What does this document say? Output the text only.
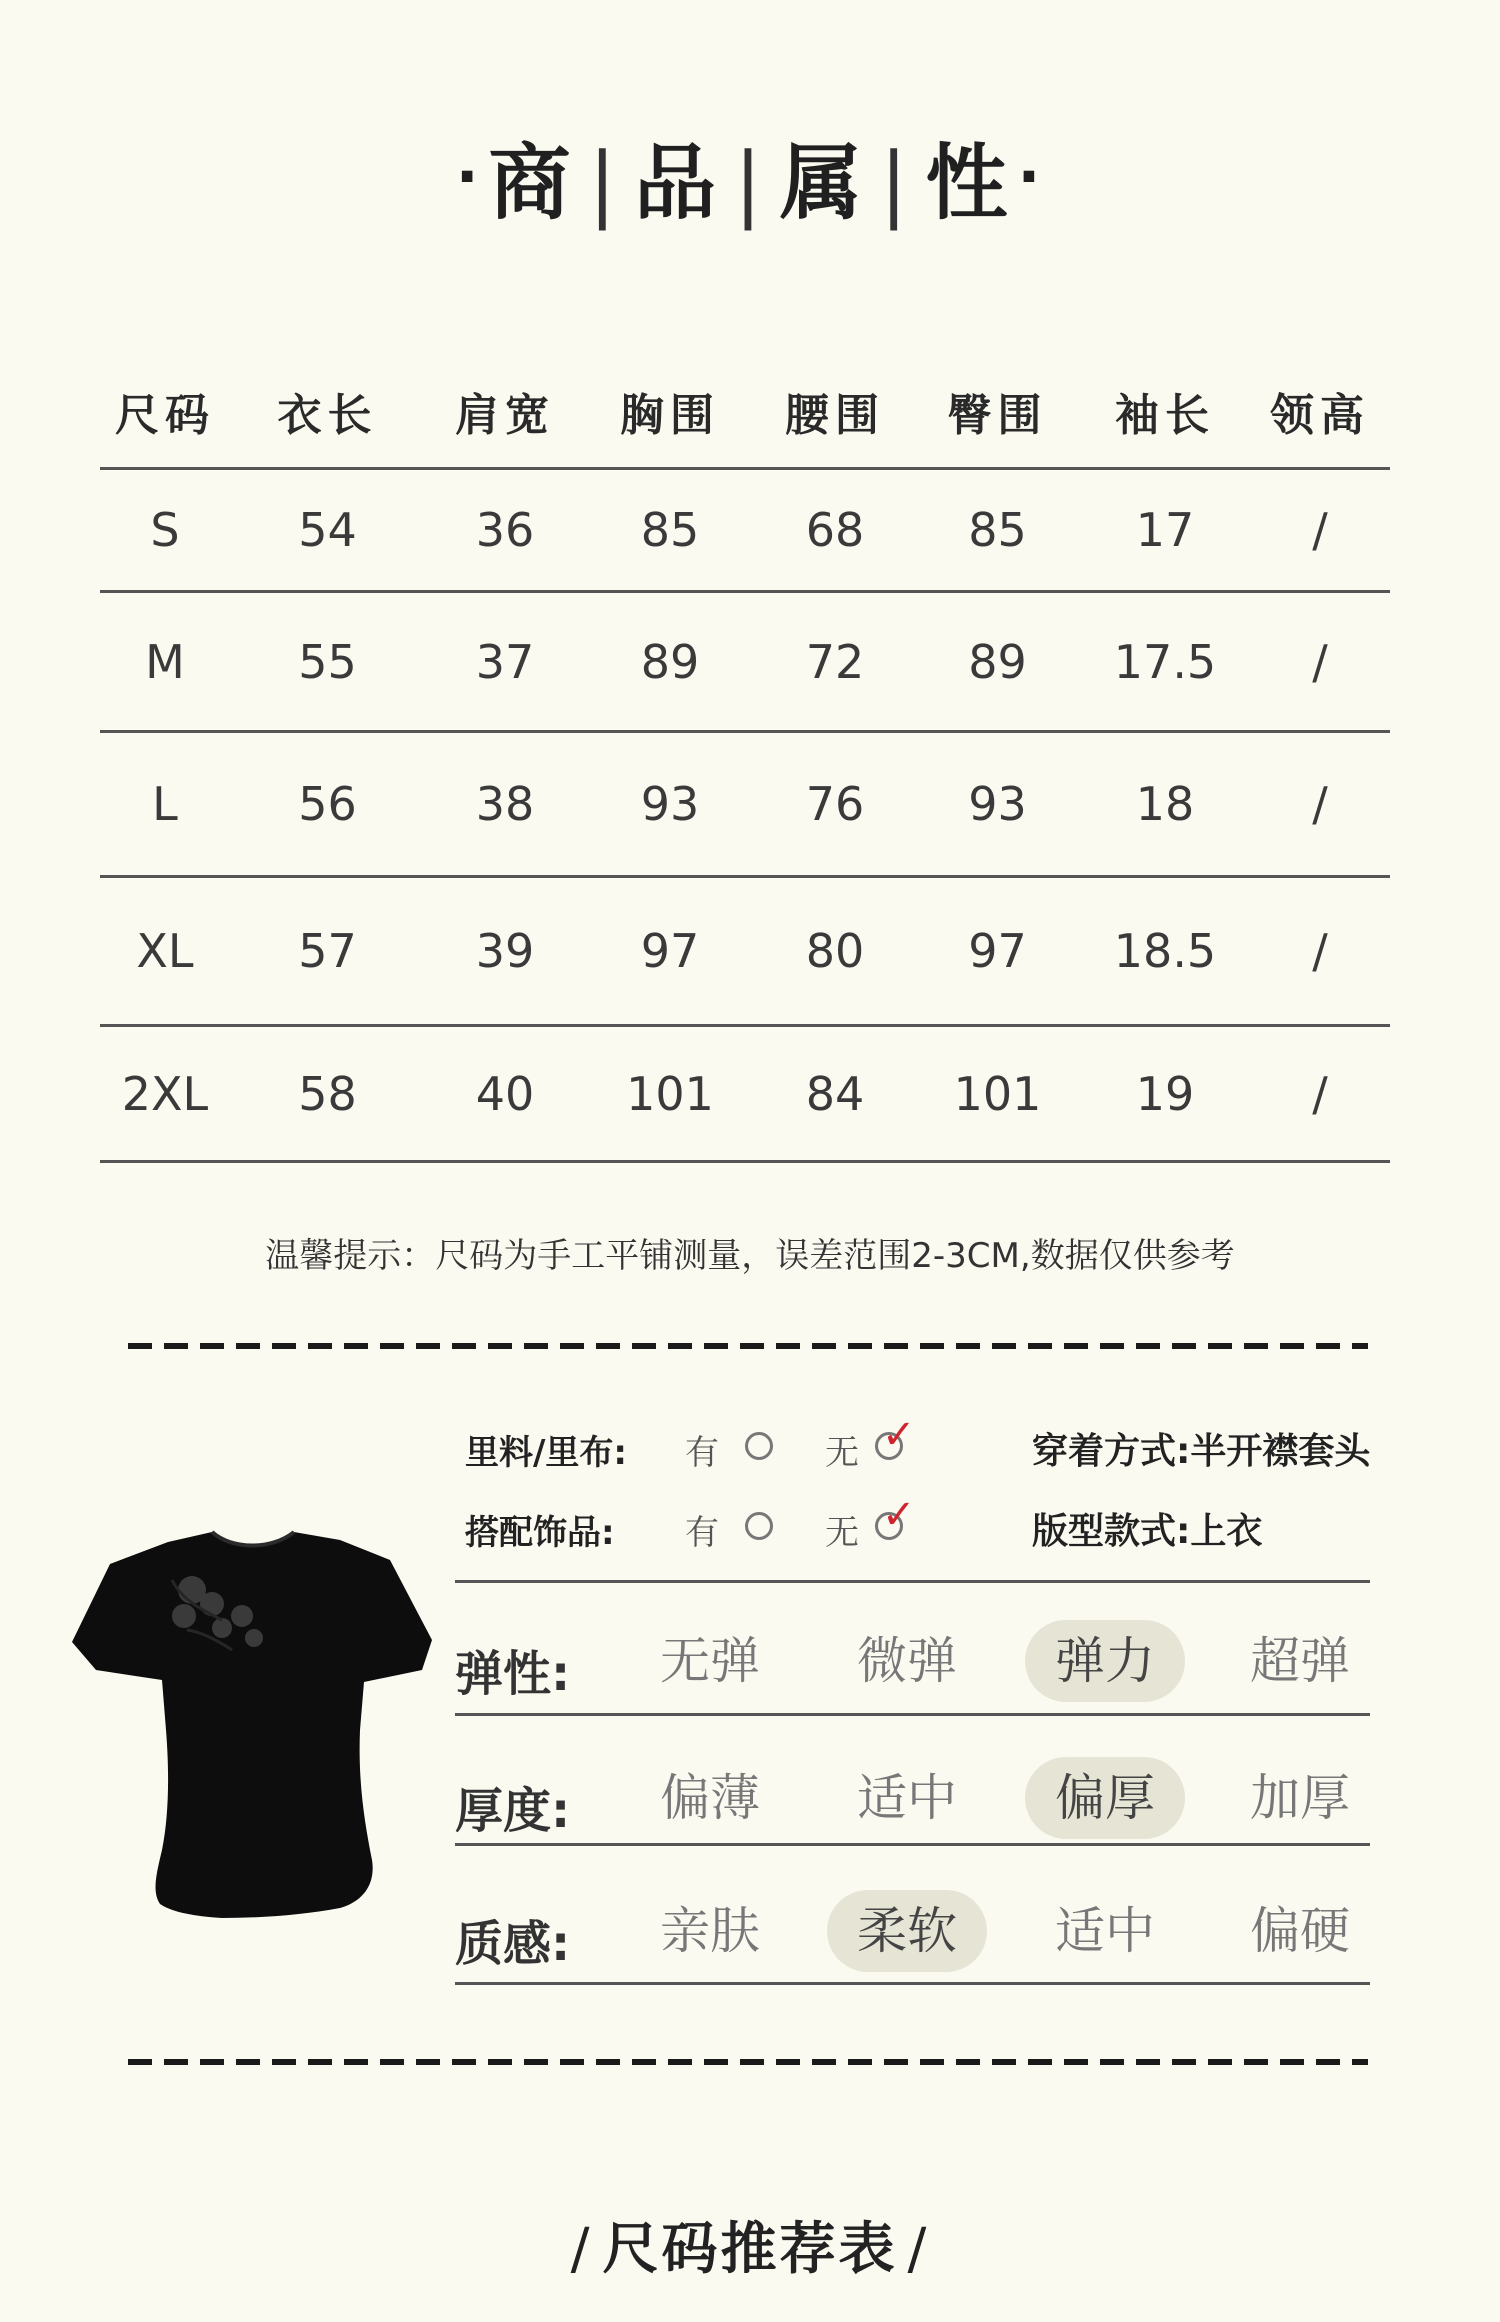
·商 | 品 | 属 | 性 ·
尺码	衣长	肩宽	胸围	腰围	臀围	袖长	领高
S	54	36	85	68	85	17	/
M	55	37	89	72	89	17.5	/
L	56	38	93	76	93	18	/
XL	57	39	97	80	97	18.5	/
2XL	58	40	101	84	101	19	/
温馨提示：尺码为手工平铺测量，误差范围2-3CM,数据仅供参考
里料/里布: 有	无 ✓	穿着方式:半开襟套头
搭配饰品: 有	无 ✓	版型款式:上衣
弹性:	无弹	微弹	弹力	超弹
厚度:	偏薄	适中	偏厚	加厚
质感:	亲肤	柔软	适中	偏硬
/ 尺码推荐表 /
